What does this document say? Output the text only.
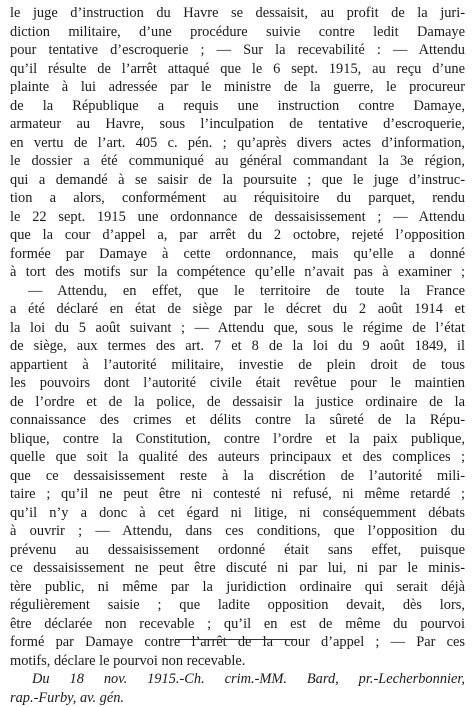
le juge d’instruction du Havre se dessaisit, au profit de la juri-
diction militaire, d’une procédure suivie contre ledit Damaye
pour tentative d’escroquerie ; — Sur la recevabilité : — Attendu
qu’il résulte de l’arrêt attaqué que le 6 sept. 1915, au reçu d’une
plainte à lui adressée par le ministre de la guerre, le procureur
de la République a requis une instruction contre Damaye,
armateur au Havre, sous l’inculpation de tentative d’escroquerie,
en vertu de l’art. 405 c. pén. ; qu’après divers actes d’information,
le dossier a été communiqué au général commandant la 3e région,
qui a demandé à se saisir de la poursuite ; que le juge d’instruc-
tion a alors, conformément au réquisitoire du parquet, rendu
le 22 sept. 1915 une ordonnance de dessaisissement ; — Attendu
que la cour d’appel a, par arrêt du 2 octobre, rejeté l’opposition
formée par Damaye à cette ordonnance, mais qu’elle a donné
à tort des motifs sur la compétence qu’elle n’avait pas à examiner ;
— Attendu, en effet, que le territoire de toute la France
a été déclaré en état de siège par le décret du 2 août 1914 et
la loi du 5 août suivant ; — Attendu que, sous le régime de l’état
de siège, aux termes des art. 7 et 8 de la loi du 9 août 1849, il
appartient à l’autorité militaire, investie de plein droit de tous
les pouvoirs dont l’autorité civile était revêtue pour le maintien
de l’ordre et de la police, de dessaisir la justice ordinaire de la
connaissance des crimes et délits contre la sûreté de la Répu-
blique, contre la Constitution, contre l’ordre et la paix publique,
quelle que soit la qualité des auteurs principaux et des complices ;
que ce dessaisissement reste à la discrétion de l’autorité mili-
taire ; qu’il ne peut être ni contesté ni refusé, ni même retardé ;
qu’il n’y a donc à cet égard ni litige, ni conséquemment débats
à ouvrir ; — Attendu, dans ces conditions, que l’opposition du
prévenu au dessaisissement ordonné était sans effet, puisque
ce dessaisissement ne peut être discuté ni par lui, ni par le minis-
tère public, ni même par la juridiction ordinaire qui serait déjà
régulièrement saisie ; que ladite opposition devait, dès lors,
être déclarée non recevable ; qu’il en est de même du pourvoi
formé par Damaye contre l’arrêt de la cour d’appel ; — Par ces
motifs, déclare le pourvoi non recevable.
Du 18 nov. 1915.-Ch. crim.-MM. Bard, pr.-Lecherbonnier,
rap.-Furby, av. gén.
